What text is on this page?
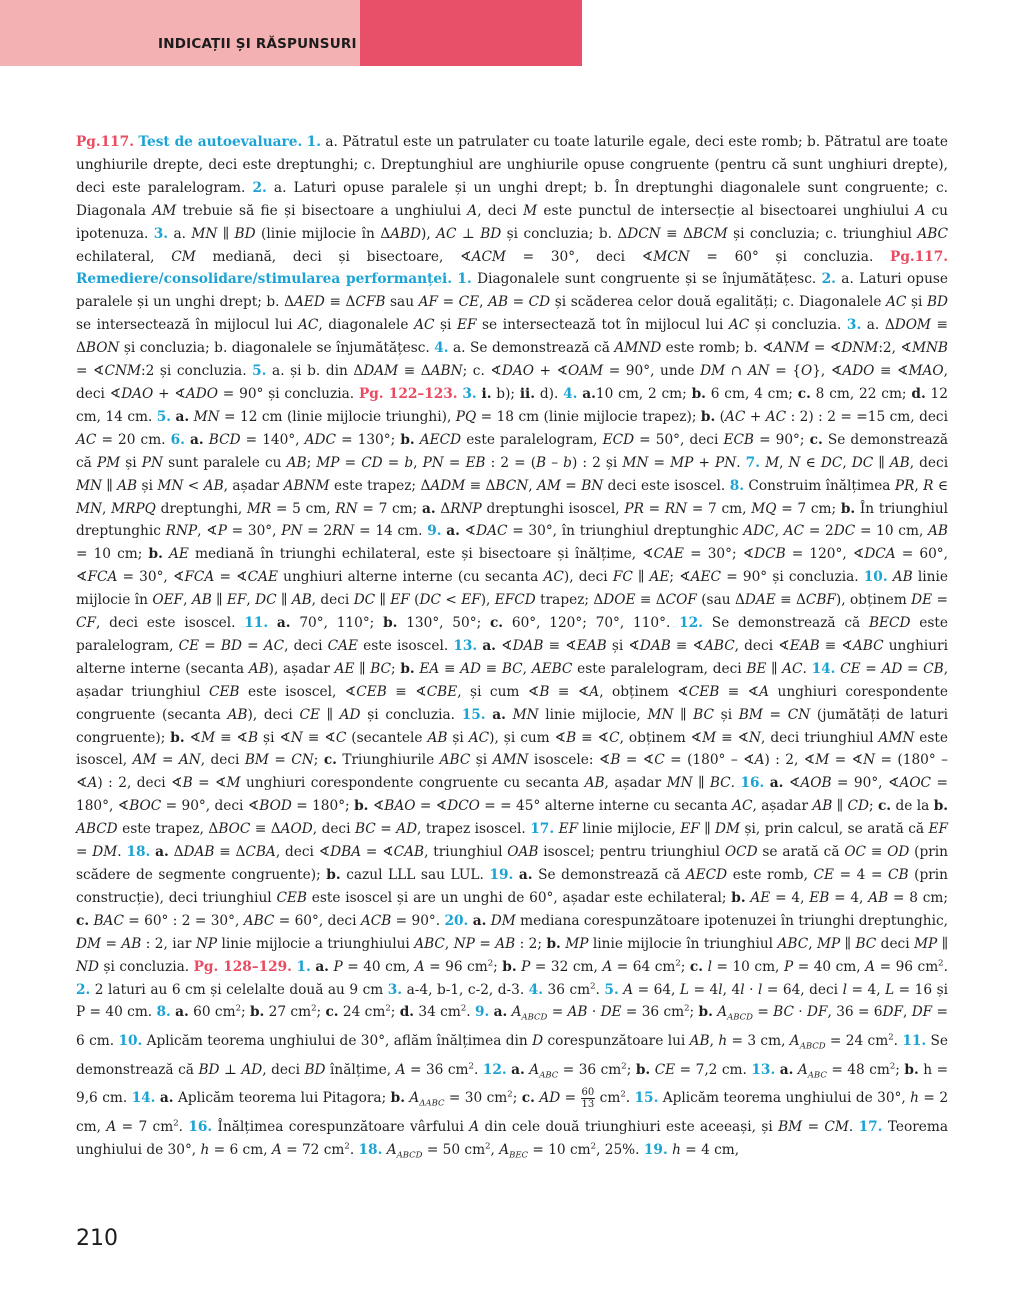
INDICAȚII ȘI RĂSPUNSURI

Pg.117. Test de autoevaluare. 1. a. Pătratul este un patrulater cu toate laturile egale, deci este romb; b. Pătratul are toate unghiurile drepte, deci este dreptunghi; c. Dreptunghiul are unghiurile opuse congruente (pentru că sunt unghiuri drepte), deci este paralelogram. 2. a. Laturi opuse paralele și un unghi drept; b. În dreptunghi diagonalele sunt congruente; c. Diagonala AM trebuie să fie și bisectoare a unghiului A, deci M este punctul de intersecție al bisectoarei unghiului A cu ipotenuza. 3. a. MN ∥ BD (linie mijlocie în ΔABD), AC ⊥ BD și concluzia; b. ΔDCN ≡ ΔBCM și concluzia; c. triunghiul ABC echilateral, CM mediană, deci și bisectoare, ∢ACM = 30°, deci ∢MCN = 60° și concluzia. Pg.117. Remediere/consolidare/stimularea performanței. 1. Diagonalele sunt congruente și se înjumătățesc. 2. a. Laturi opuse paralele și un unghi drept; b. ΔAED ≡ ΔCFB sau AF = CE, AB = CD și scăderea celor două egalități; c. Diagonalele AC și BD se intersectează în mijlocul lui AC, diagonalele AC și EF se intersectează tot în mijlocul lui AC și concluzia. 3. a. ΔDOM ≡ ΔBON și concluzia; b. diagonalele se înjumătățesc. 4. a. Se demonstrează că AMND este romb; b. ∢ANM = ∢DNM:2, ∢MNB = ∢CNM:2 și concluzia. 5. a. și b. din ΔDAM ≡ ΔABN; c. ∢DAO + ∢OAM = 90°, unde DM ∩ AN = {O}, ∢ADO ≡ ∢MAO, deci ∢DAO + ∢ADO = 90° și concluzia. Pg. 122–123. 3. i. b); ii. d). 4. a.10 cm, 2 cm; b. 6 cm, 4 cm; c. 8 cm, 22 cm; d. 12 cm, 14 cm. 5. a. MN = 12 cm (linie mijlocie triunghi), PQ = 18 cm (linie mijlocie trapez); b. (AC + AC : 2) : 2 = =15 cm, deci AC = 20 cm. 6. a. BCD = 140°, ADC = 130°; b. AECD este paralelogram, ECD = 50°, deci ECB = 90°; c. Se demonstrează că PM și PN sunt paralele cu AB; MP = CD = b, PN = EB : 2 = (B – b) : 2 și MN = MP + PN. 7. M, N ∈ DC, DC ∥ AB, deci MN ∥ AB și MN < AB, așadar ABNM este trapez; ΔADM ≡ ΔBCN, AM = BN deci este isoscel. 8. Construim înălțimea PR, R ∈ MN, MRPQ dreptunghi, MR = 5 cm, RN = 7 cm; a. ΔRNP dreptunghi isoscel, PR = RN = 7 cm, MQ = 7 cm; b. În triunghiul dreptunghic RNP, ∢P = 30°, PN = 2RN = 14 cm. 9. a. ∢DAC = 30°, în triunghiul dreptunghic ADC, AC = 2DC = 10 cm, AB = 10 cm; b. AE mediană în triunghi echilateral, este și bisectoare și înălțime, ∢CAE = 30°; ∢DCB = 120°, ∢DCA = 60°, ∢FCA = 30°, ∢FCA = ∢CAE unghiuri alterne interne (cu secanta AC), deci FC ∥ AE; ∢AEC = 90° și concluzia. 10. AB linie mijlocie în OEF, AB ∥ EF, DC ∥ AB, deci DC ∥ EF (DC < EF), EFCD trapez; ΔDOE ≡ ΔCOF (sau ΔDAE ≡ ΔCBF), obținem DE = CF, deci este isoscel. 11. a. 70°, 110°; b. 130°, 50°; c. 60°, 120°; 70°, 110°. 12. Se demonstrează că BECD este paralelogram, CE = BD = AC, deci CAE este isoscel. 13. a. ∢DAB ≡ ∢EAB și ∢DAB ≡ ∢ABC, deci ∢EAB ≡ ∢ABC unghiuri alterne interne (secanta AB), așadar AE ∥ BC; b. EA ≡ AD ≡ BC, AEBC este paralelogram, deci BE ∥ AC. 14. CE = AD = CB, așadar triunghiul CEB este isoscel, ∢CEB ≡ ∢CBE, și cum ∢B ≡ ∢A, obținem ∢CEB ≡ ∢A unghiuri corespondente congruente (secanta AB), deci CE ∥ AD și concluzia. 15. a. MN linie mijlocie, MN ∥ BC și BM = CN (jumătăți de laturi congruente); b. ∢M ≡ ∢B și ∢N ≡ ∢C (secantele AB și AC), și cum ∢B ≡ ∢C, obținem ∢M ≡ ∢N, deci triunghiul AMN este isoscel, AM = AN, deci BM = CN; c. Triunghiurile ABC și AMN isoscele: ∢B = ∢C = (180° – ∢A) : 2, ∢M = ∢N = (180° – ∢A) : 2, deci ∢B = ∢M unghiuri corespondente congruente cu secanta AB, așadar MN ∥ BC. 16. a. ∢AOB = 90°, ∢AOC = 180°, ∢BOC = 90°, deci ∢BOD = 180°; b. ∢BAO = ∢DCO = = 45° alterne interne cu secanta AC, așadar AB ∥ CD; c. de la b. ABCD este trapez, ΔBOC ≡ ΔAOD, deci BC = AD, trapez isoscel. 17. EF linie mijlocie, EF ∥ DM și, prin calcul, se arată că EF = DM. 18. a. ΔDAB ≡ ΔCBA, deci ∢DBA = ∢CAB, triunghiul OAB isoscel; pentru triunghiul OCD se arată că OC ≡ OD (prin scădere de segmente congruente); b. cazul LLL sau LUL. 19. a. Se demonstrează că AECD este romb, CE = 4 = CB (prin construcție), deci triunghiul CEB este isoscel și are un unghi de 60°, așadar este echilateral; b. AE = 4, EB = 4, AB = 8 cm; c. BAC = 60° : 2 = 30°, ABC = 60°, deci ACB = 90°. 20. a. DM mediana corespunzătoare ipotenuzei în triunghi dreptunghic, DM = AB : 2, iar NP linie mijlocie a triunghiului ABC, NP = AB : 2; b. MP linie mijlocie în triunghiul ABC, MP ∥ BC deci MP ∥ ND și concluzia. Pg. 128–129. 1. a. P = 40 cm, A = 96 $cm^2$; b. P = 32 cm, A = 64 $cm^2$; c. l = 10 cm, P = 40 cm, A = 96 $cm^2$. 2. 2 laturi au 6 cm și celelalte două au 9 cm 3. a-4, b-1, c-2, d-3. 4. 36 $cm^2$. 5. A = 64, L = 4l, 4l · l = 64, deci l = 4, L = 16 și P = 40 cm. 8. a. 60 $cm^2$; b. 27 $cm^2$; c. 24 $cm^2$; d. 34 $cm^2$. 9. a. $A_{ABCD}$ = AB · DE = 36 $cm^2$; b. $A_{ABCD}$ = BC · DF, 36 = 6DF, DF = 6 cm. 10. Aplicăm teorema unghiului de 30°, aflăm înălțimea din D corespunzătoare lui AB, h = 3 cm, $A_{ABCD} = 24$ $cm^2$. 11. Se demonstrează că BD ⊥ AD, deci BD înălțime, A = 36 $cm^2$. 12. a. $A_{ABC} = 36$ $cm^2$; b. CE = 7,2 cm. 13. a. $A_{ABC} = 48$ $cm^2$; b. h = 9,6 cm. 14. a. Aplicăm teorema lui Pitagora; b. $A_{\Delta ABC} = 30$ $cm^2$; c. AD = $\frac{60}{13} cm^2$. 15. Aplicăm teorema unghiului de 30°, h = 2 cm, A = 7 $cm^2$. 16. Înălțimea corespunzătoare vârfului A din cele două triunghiuri este aceeași, și BM = CM. 17. Teorema unghiului de 30°, h = 6 cm, A = 72 $cm^2$. 18. $A_{ABCD} = 50$ $cm^2$, $A_{BEC} = 10$ $cm^2$, 25%. 19. h = 4 cm,

210
